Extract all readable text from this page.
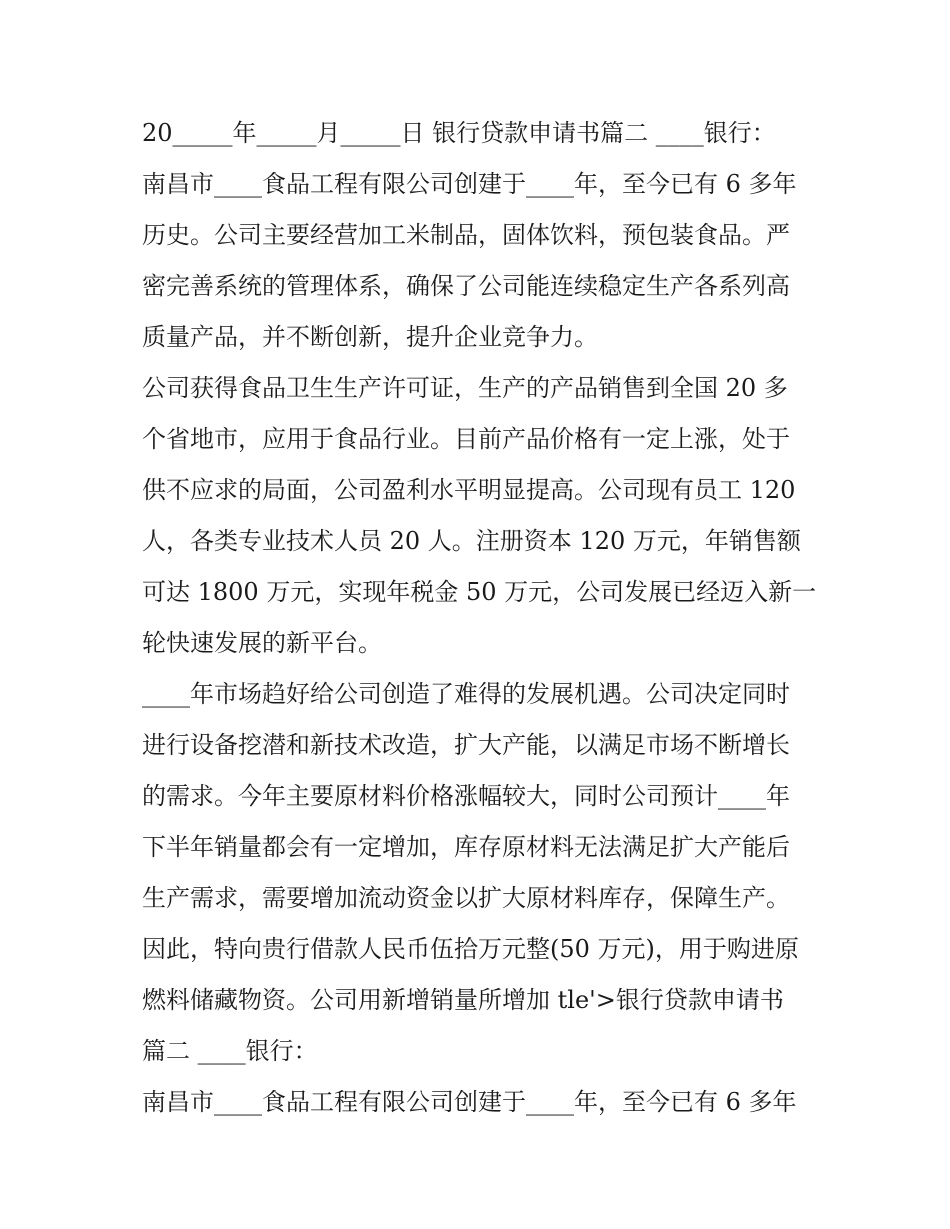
20_____年_____月_____日 银行贷款申请书篇二 ____银行：
南昌市____食品工程有限公司创建于____年，至今已有 6 多年
历史。公司主要经营加工米制品，固体饮料，预包装食品。严
密完善系统的管理体系，确保了公司能连续稳定生产各系列高
质量产品，并不断创新，提升企业竞争力。
公司获得食品卫生生产许可证，生产的产品销售到全国 20 多
个省地市，应用于食品行业。目前产品价格有一定上涨，处于
供不应求的局面，公司盈利水平明显提高。公司现有员工 120
人，各类专业技术人员 20 人。注册资本 120 万元，年销售额
可达 1800 万元，实现年税金 50 万元，公司发展已经迈入新一
轮快速发展的新平台。
____年市场趋好给公司创造了难得的发展机遇。公司决定同时
进行设备挖潜和新技术改造，扩大产能，以满足市场不断增长
的需求。今年主要原材料价格涨幅较大，同时公司预计____年
下半年销量都会有一定增加，库存原材料无法满足扩大产能后
生产需求，需要增加流动资金以扩大原材料库存，保障生产。
因此，特向贵行借款人民币伍拾万元整(50 万元)，用于购进原
燃料储藏物资。公司用新增销量所增加 tle'>银行贷款申请书
篇二 ____银行：
南昌市____食品工程有限公司创建于____年，至今已有 6 多年
